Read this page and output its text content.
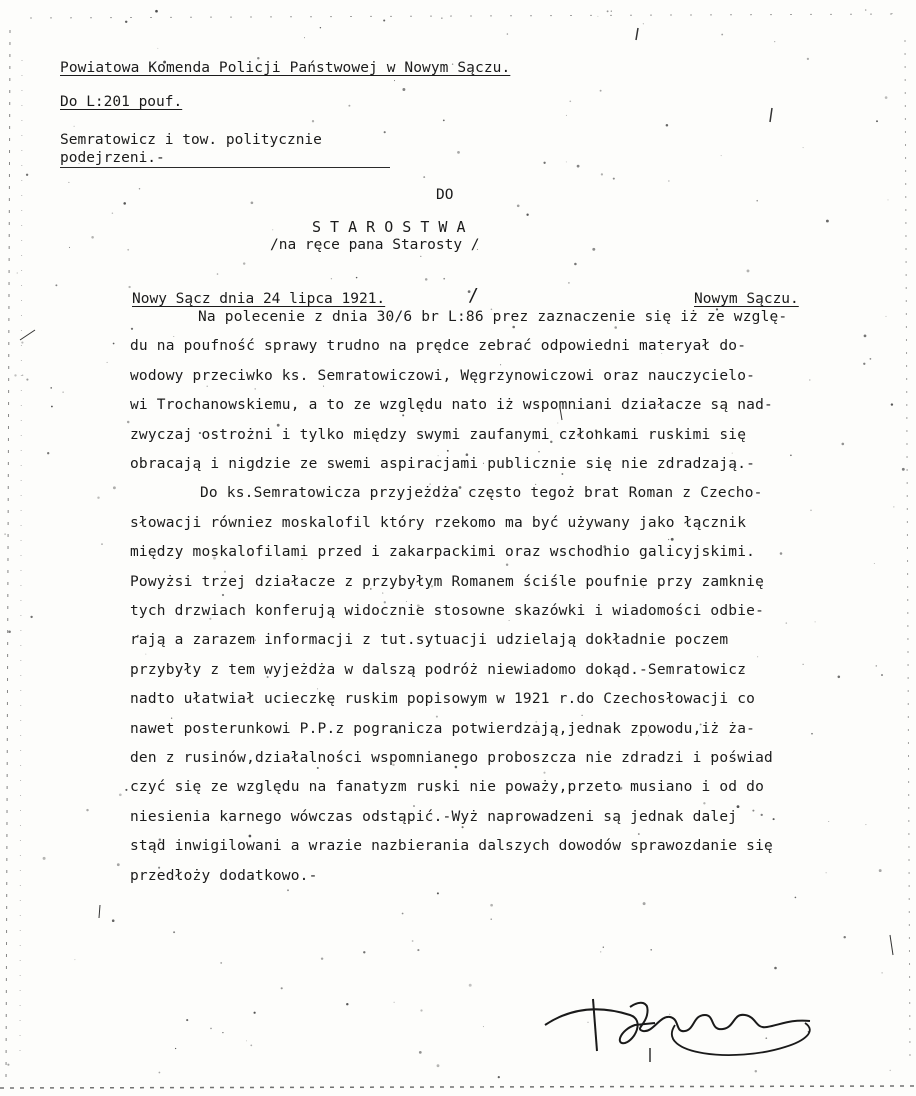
Powiatowa Komenda Policji Państwowej w Nowym Sączu.
Do L:201 pouf.
Semratowicz i tow. politycznie
podejrzeni.-
DO
S T A R O S T W A
/na ręce pana Starosty /
Nowy Sącz dnia 24 lipca 1921.	/	Nowym Sączu.
Na polecenie z dnia 30/6 br L:86 prez zaznaczenie się iż ze wzglę-
du na poufność sprawy trudno na prędce zebrać odpowiedni materyał do-
wodowy przeciwko ks. Semratowiczowi, Węgrzynowiczowi oraz nauczycielo-
wi Trochanowskiemu, a to ze względu nato iż wspomniani działacze są nad-
zwyczaj ostrożni i tylko między swymi zaufanymi członkami ruskimi się
obracają i nigdzie ze swemi aspiracjami publicznie się nie zdradzają.-
Do ks.Semratowicza przyjeżdża często tegoż brat Roman z Czecho-
słowacji równiez moskalofil który rzekomo ma być używany jako łącznik
między moskalofilami przed i zakarpackimi oraz wschodnio galicyjskimi.
Powyżsi trzej działacze z przybyłym Romanem ściśle poufnie przy zamknię
tych drzwiach konferują widocznie stosowne skazówki i wiadomości odbie-
rają a zarazem informacji z tut.sytuacji udzielają dokładnie poczem
przybyły z tem wyjeżdża w dalszą podróż niewiadomo dokąd.-Semratowicz
nadto ułatwiał ucieczkę ruskim popisowym w 1921 r.do Czechosłowacji co
nawet posterunkowi P.P.z pogranicza potwierdzają,jednak zpowodu,iż ża-
den z rusinów,działalności wspomnianego proboszcza nie zdradzi i poświad
czyć się ze względu na fanatyzm ruski nie poważy,przeto musiano i od do
niesienia karnego wówczas odstąpić.-Wyż naprowadzeni są jednak dalej
stąd inwigilowani a wrazie nazbierania dalszych dowodów sprawozdanie się
przedłoży dodatkowo.-
